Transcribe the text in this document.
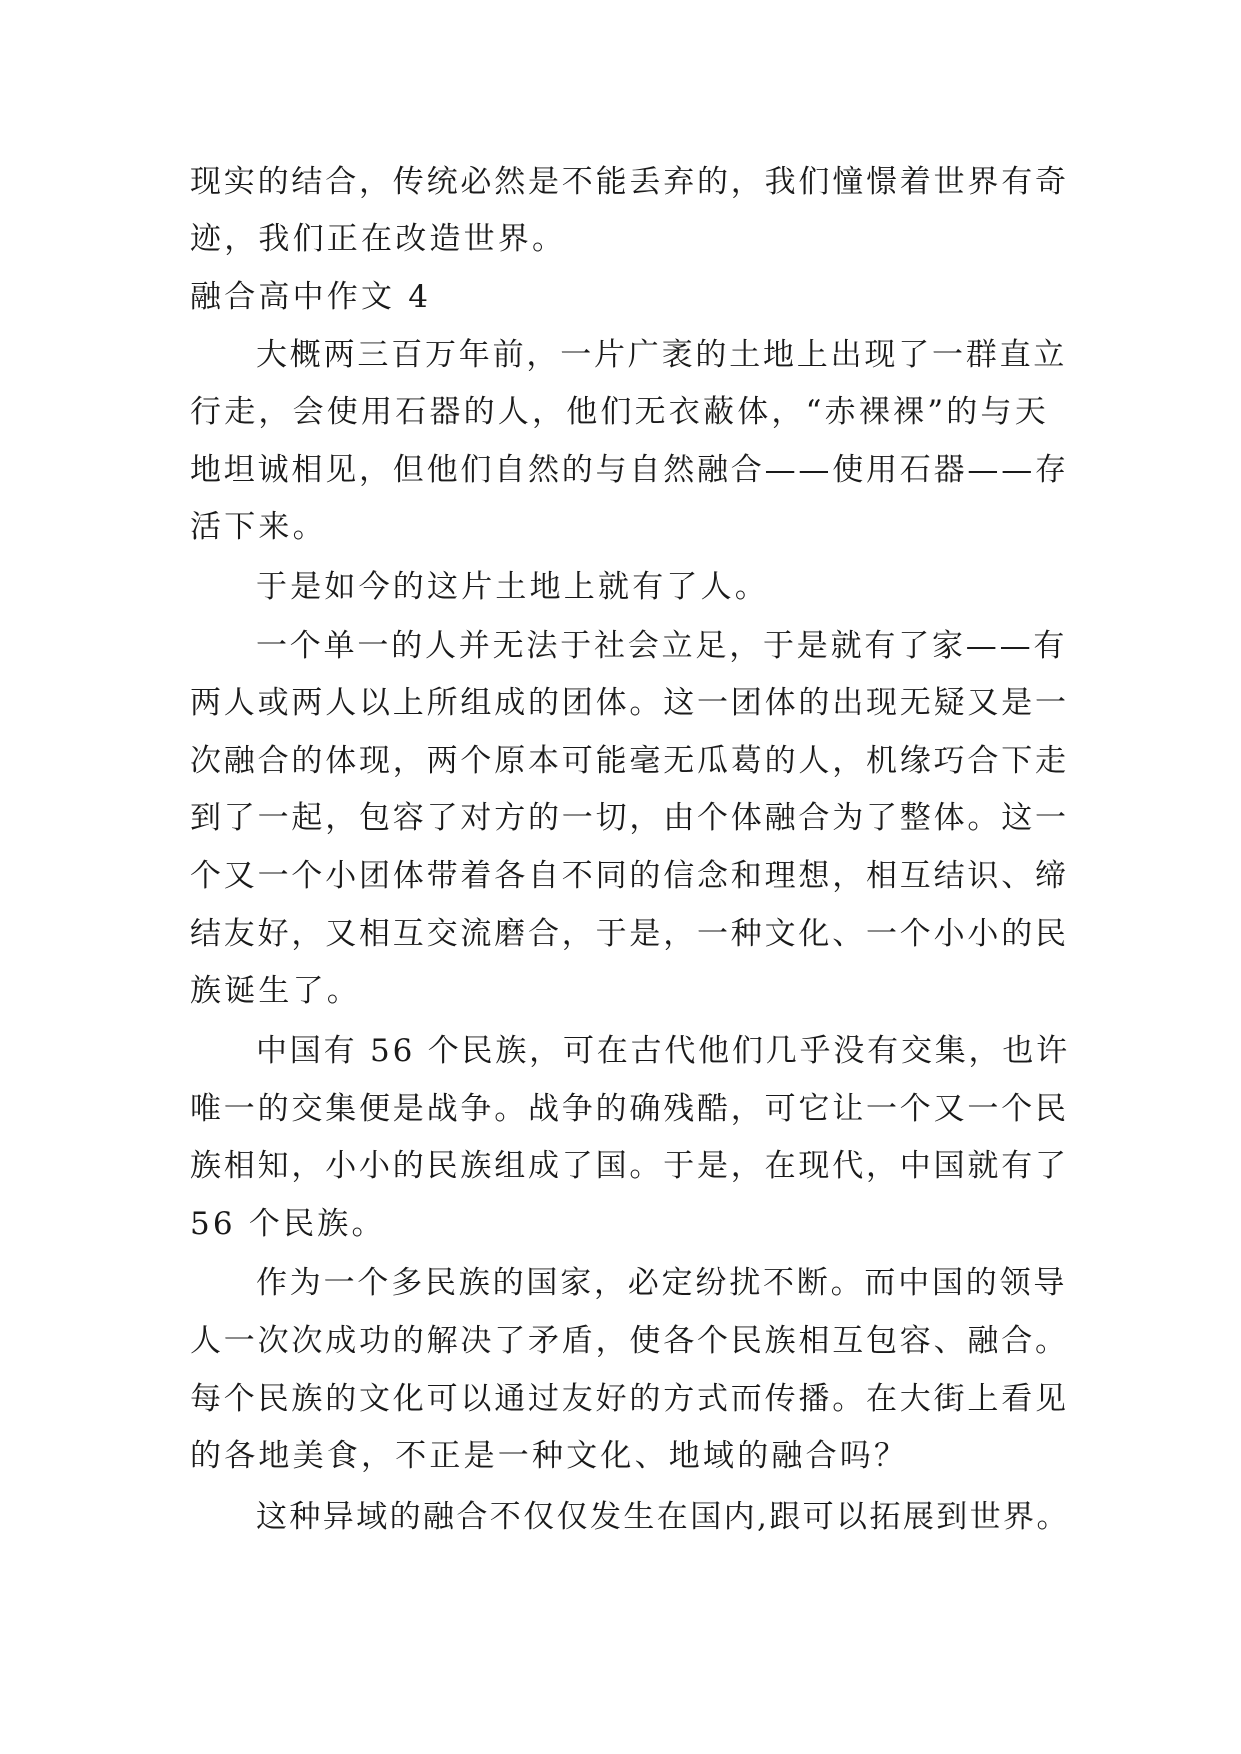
现实的结合，传统必然是不能丢弃的，我们憧憬着世界有奇
迹，我们正在改造世界。
融合高中作文 4
大概两三百万年前，一片广袤的土地上出现了一群直立
行走，会使用石器的人，他们无衣蔽体，“赤裸裸”的与天
地坦诚相见，但他们自然的与自然融合——使用石器——存
活下来。
于是如今的这片土地上就有了人。
一个单一的人并无法于社会立足，于是就有了家——有
两人或两人以上所组成的团体。这一团体的出现无疑又是一
次融合的体现，两个原本可能毫无瓜葛的人，机缘巧合下走
到了一起，包容了对方的一切，由个体融合为了整体。这一
个又一个小团体带着各自不同的信念和理想，相互结识、缔
结友好，又相互交流磨合，于是，一种文化、一个小小的民
族诞生了。
中国有 56 个民族，可在古代他们几乎没有交集，也许
唯一的交集便是战争。战争的确残酷，可它让一个又一个民
族相知，小小的民族组成了国。于是，在现代，中国就有了
56 个民族。
作为一个多民族的国家，必定纷扰不断。而中国的领导
人一次次成功的解决了矛盾，使各个民族相互包容、融合。
每个民族的文化可以通过友好的方式而传播。在大街上看见
的各地美食，不正是一种文化、地域的融合吗？
这种异域的融合不仅仅发生在国内,跟可以拓展到世界。
